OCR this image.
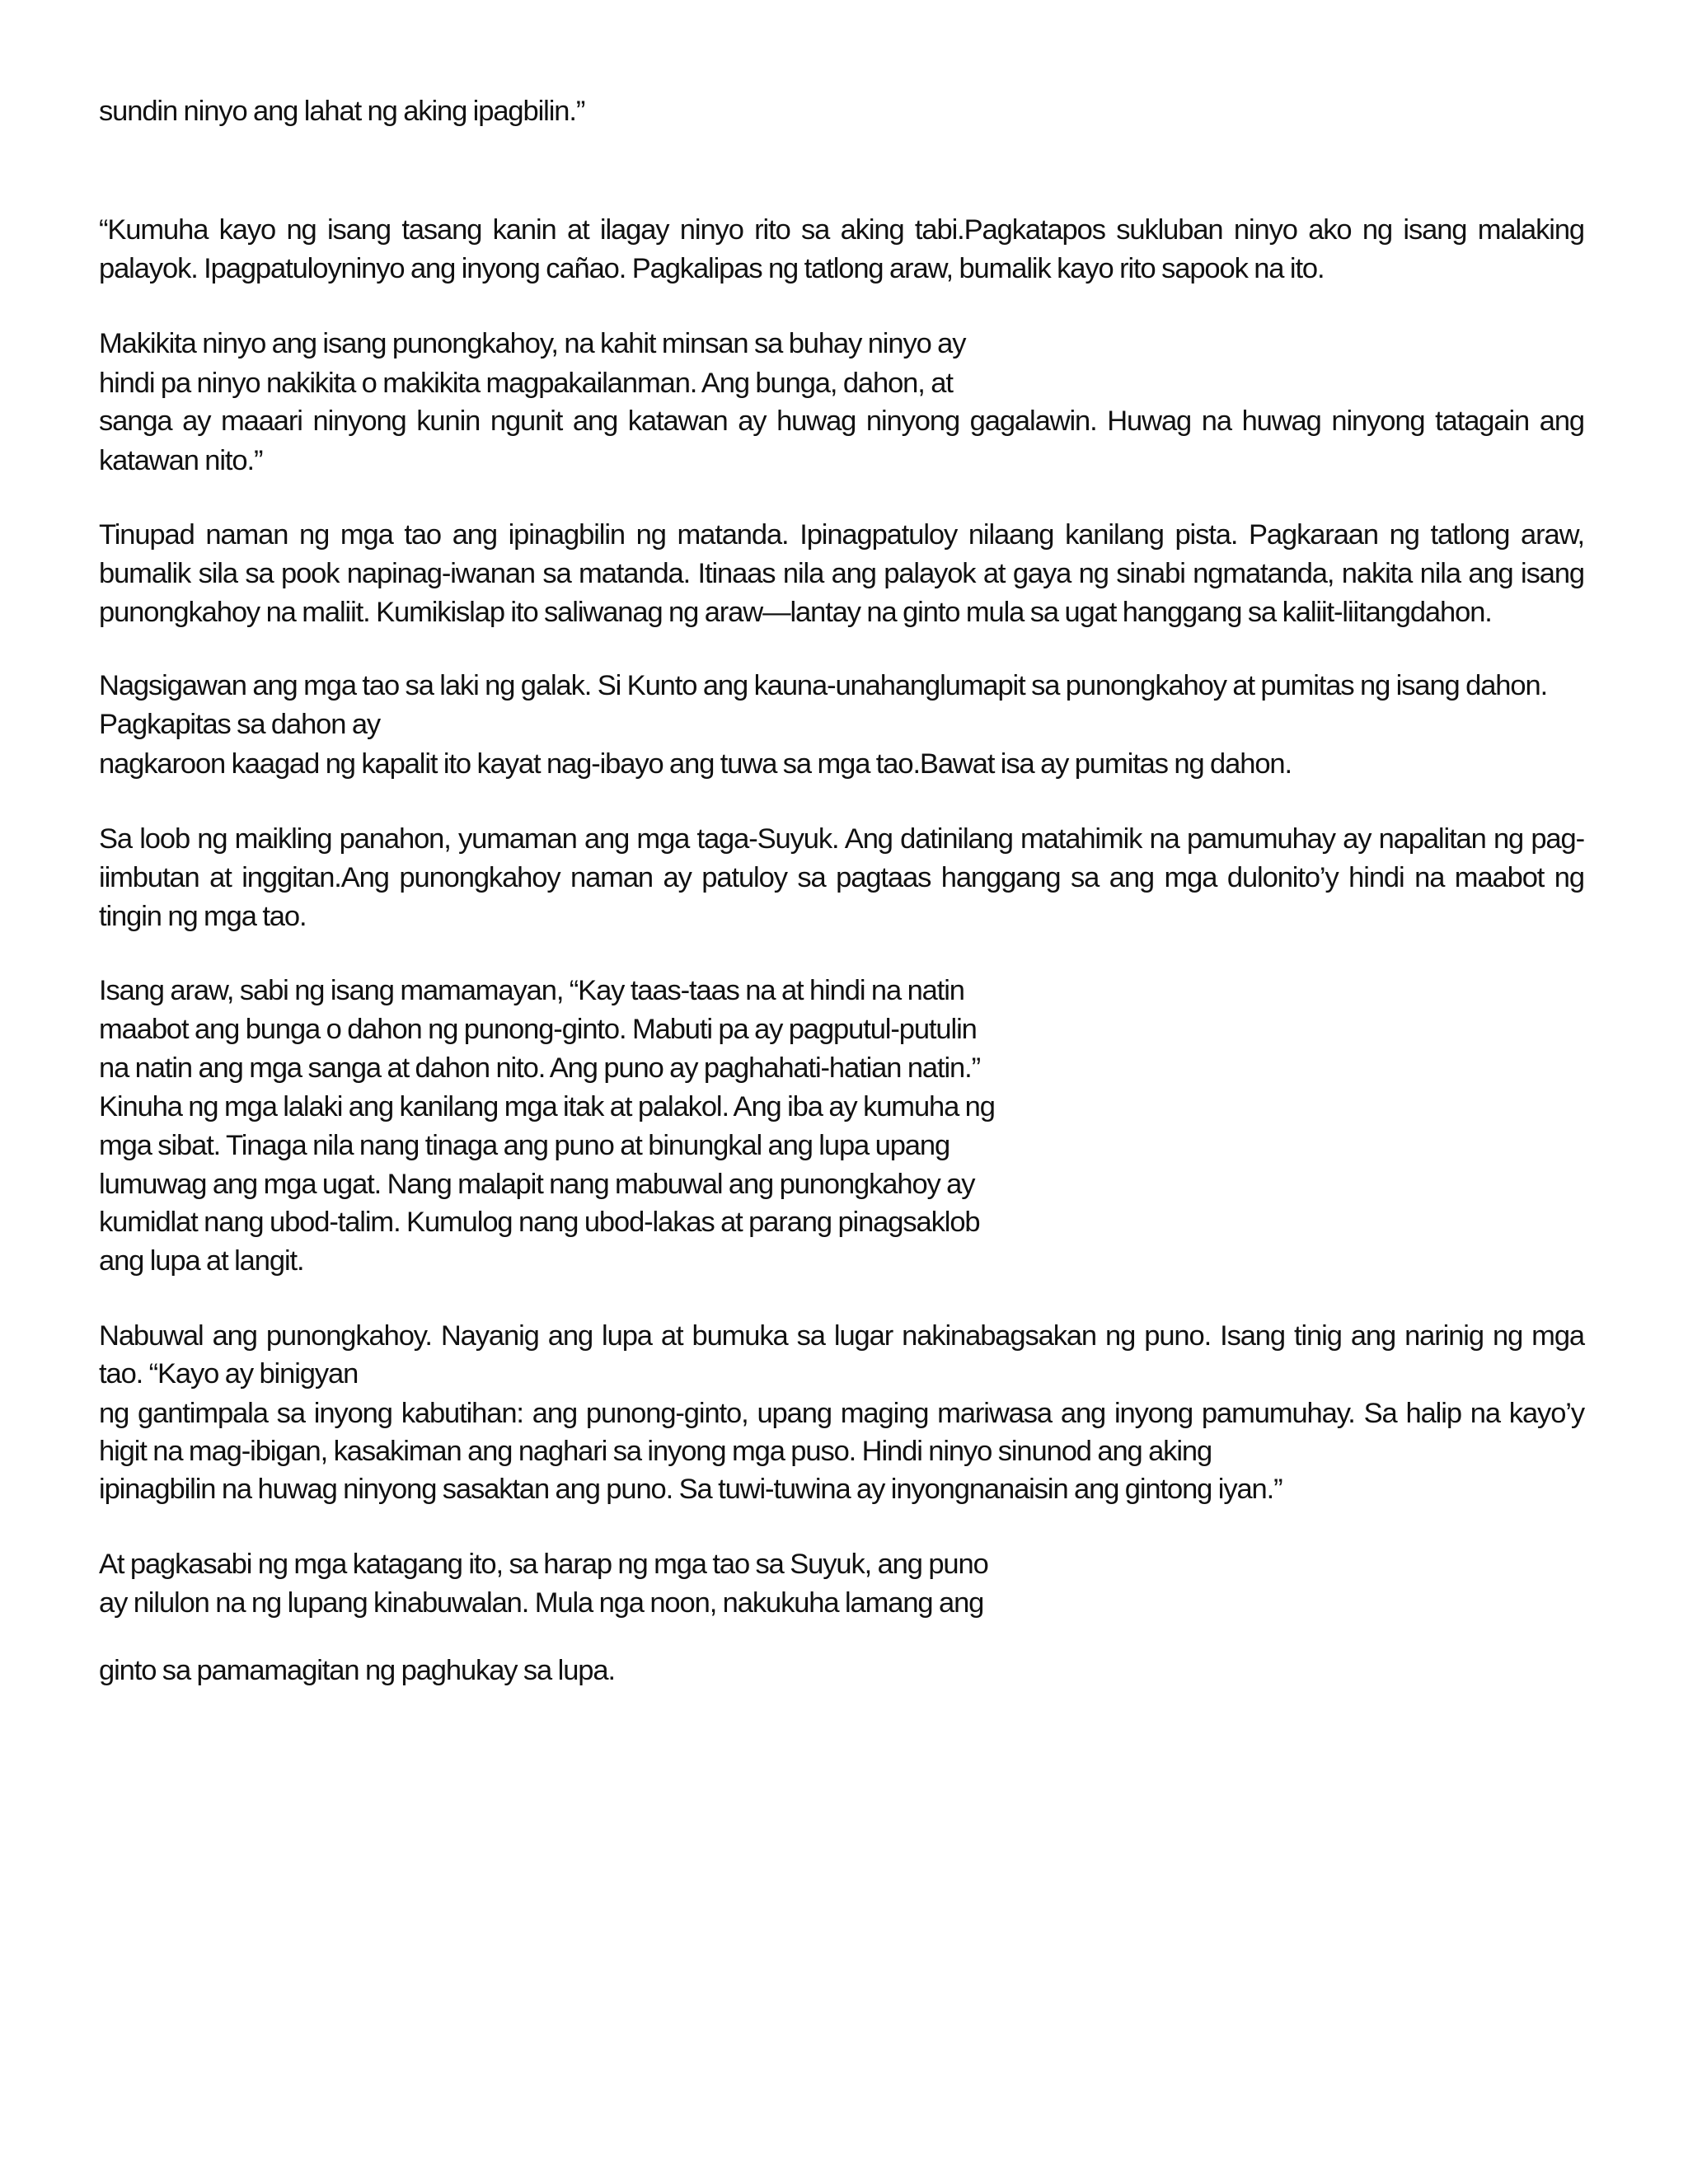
sundin ninyo ang lahat ng aking ipagbilin.”
“Kumuha kayo ng isang tasang kanin at ilagay ninyo rito sa aking tabi.Pagkatapos sukluban ninyo ako ng isang malaking
palayok. Ipagpatuloyninyo ang inyong cañao. Pagkalipas ng tatlong araw, bumalik kayo rito sapook na ito.
Makikita ninyo ang isang punongkahoy, na kahit minsan sa buhay ninyo ay
hindi pa ninyo nakikita o makikita magpakailanman. Ang bunga, dahon, at
sanga ay maaari ninyong kunin ngunit ang katawan ay huwag ninyong gagalawin. Huwag na huwag ninyong tatagain ang
katawan nito.”
Tinupad naman ng mga tao ang ipinagbilin ng matanda. Ipinagpatuloy nilaang kanilang pista. Pagkaraan ng tatlong araw,
bumalik sila sa pook napinag-iwanan sa matanda. Itinaas nila ang palayok at gaya ng sinabi ngmatanda, nakita nila ang isang
punongkahoy na maliit. Kumikislap ito saliwanag ng araw—lantay na ginto mula sa ugat hanggang sa kaliit-liitangdahon.
Nagsigawan ang mga tao sa laki ng galak. Si Kunto ang kauna-unahanglumapit sa punongkahoy at pumitas ng isang dahon.
Pagkapitas sa dahon ay
nagkaroon kaagad ng kapalit ito kayat nag-ibayo ang tuwa sa mga tao.Bawat isa ay pumitas ng dahon.
Sa loob ng maikling panahon, yumaman ang mga taga-Suyuk. Ang datinilang matahimik na pamumuhay ay napalitan ng pag-
iimbutan at inggitan.Ang punongkahoy naman ay patuloy sa pagtaas hanggang sa ang mga dulonito’y hindi na maabot ng
tingin ng mga tao.
Isang araw, sabi ng isang mamamayan, “Kay taas-taas na at hindi na natin
maabot ang bunga o dahon ng punong-ginto. Mabuti pa ay pagputul-putulin
na natin ang mga sanga at dahon nito. Ang puno ay paghahati-hatian natin.”
Kinuha ng mga lalaki ang kanilang mga itak at palakol. Ang iba ay kumuha ng
mga sibat. Tinaga nila nang tinaga ang puno at binungkal ang lupa upang
lumuwag ang mga ugat. Nang malapit nang mabuwal ang punongkahoy ay
kumidlat nang ubod-talim. Kumulog nang ubod-lakas at parang pinagsaklob
ang lupa at langit.
Nabuwal ang punongkahoy. Nayanig ang lupa at bumuka sa lugar nakinabagsakan ng puno. Isang tinig ang narinig ng mga
tao. “Kayo ay binigyan
ng gantimpala sa inyong kabutihan: ang punong-ginto, upang maging mariwasa ang inyong pamumuhay. Sa halip na kayo’y
higit na mag-ibigan, kasakiman ang naghari sa inyong mga puso. Hindi ninyo sinunod ang aking
ipinagbilin na huwag ninyong sasaktan ang puno. Sa tuwi-tuwina ay inyongnanaisin ang gintong iyan.”
At pagkasabi ng mga katagang ito, sa harap ng mga tao sa Suyuk, ang puno
ay nilulon na ng lupang kinabuwalan. Mula nga noon, nakukuha lamang ang
ginto sa pamamagitan ng paghukay sa lupa.
